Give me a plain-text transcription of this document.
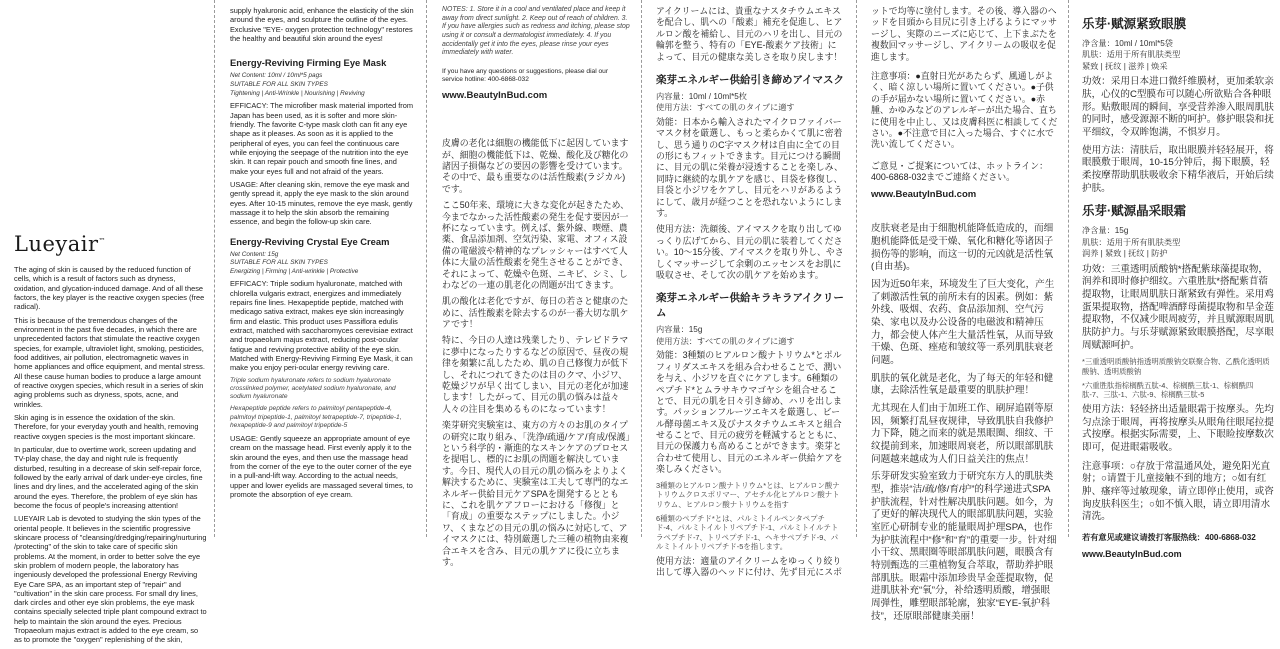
Lueyair™

The aging of skin is caused by the reduced function of cells, which is a result of factors such as dryness, oxidation, and glycation-induced damage. And of all these factors, the key player is the reactive oxygen species (free radical).

This is because of the tremendous changes of the environment in the past five decades, in which there are unprecedented factors that stimulate the reactive oxygen species, for example, ultraviolet light, smoking, pesticides, food additives, air pollution, electromagnetic waves in home appliances and office equipment, and mental stress. All these cause human bodies to produce a large amount of reactive oxygen species, which result in a series of skin aging problems such as dryness, spots, acne, and wrinkles.

Skin aging is in essence the oxidation of the skin. Therefore, for your everyday youth and health, removing reactive oxygen species is the most important skincare.

In particular, due to overtime work, screen updating and TV-play chase, the day and night rule is frequently disturbed, resulting in a decrease of skin self-repair force, followed by the early arrival of dark under-eye circles, fine lines and dry lines, and the accelerated aging of the skin around the eyes. Therefore, the problem of eye skin has become the focus of people's increasing attention!

LUEYAIR Lab is devoted to studying the skin types of the oriental people. It believes in the scientific progressive skincare process of "cleansing/dredging/repairing/nurturing /protecting" of the skin to take care of specific skin problems. At the moment, in order to better solve the eye skin problem of modern people, the laboratory has ingeniously developed the professional Energy Reviving Eye Care SPA, as an important step of "repair" and "cultivation" in the skin care process. For small dry lines, dark circles and other eye skin problems, the eye mask contains specially selected triple plant compound extract to help to maintain the skin around the eyes. Precious Tropaeolum majus extract is added to the eye cream, so as to promote the "oxygen" replenishing of the skin,

supply hyaluronic acid, enhance the elasticity of the skin around the eyes, and sculpture the outline of the eyes. Exclusive "EYE- oxygen protection technology" restores the healthy and beautiful skin around the eyes!

Energy-Reviving Firming Eye Mask
Net Content: 10ml / 10ml*5 pags
SUITABLE FOR ALL SKIN TYPES
Tightening | Anti-Wrinkle | Nourishing | Reviving

EFFICACY: The microfiber mask material imported from Japan has been used, as it is softer and more skin-friendly. The favorite C-type mask cloth can fit any eye shape as it pleases. As soon as it is applied to the peripheral of eyes, you can feel the continuous care while enjoying the seepage of the nutrition into the eye skin. It can repair pouch and smooth fine lines, and make your eyes full and not afraid of the years.

USAGE: After cleaning skin, remove the eye mask and gently spread it, apply the eye mask to the skin around eyes. After 10-15 minutes, remove the eye mask, gently massage it to help the skin absorb the remaining essence, and begin the follow-up skin care.

Energy-Reviving Crystal Eye Cream
Net Content: 15g
SUITABLE FOR ALL SKIN TYPES
Energizing | Firming | Anti-wrinkle | Protective

EFFICACY: Triple sodium hyaluronate, matched with chlorella vulgaris extract, energizes and immediately repairs fine lines. Hexapeptide peptide, matched with medicago sativa extract, makes eye skin increasingly firm and elastic. This product uses Passiflora edulis extract, matched with saccharomyces cerevisiae extract and tropaeolum majus extract, reducing post-ocular fatigue and reviving protective ability of the eye skin. Matched with Energy-Reviving Firming Eye Mask, it can make you enjoy peri-ocular energy reviving care.

Triple sodium hyaluronate refers to sodium hyaluronate crosslinked polymer, acetylated sodium hyaluronate, and sodium hyaluronate

Hexapeptide peptide refers to palmitoyl pentapeptide-4, palmitoyl tripeptide-1, palmitoyl tetrapeptide-7, tripeptide-1, hexapeptide-9 and palmitoyl tripeptide-5

USAGE: Gently squeeze an appropriate amount of eye cream on the massage head. First evenly apply it to the skin around the eyes, and then use the massage head from the corner of the eye to the outer corner of the eye in a pull-and-lift way. According to the actual needs, upper and lower eyelids are massaged several times, to promote the absorption of eye cream.

NOTES: 1. Store it in a cool and ventilated place and keep it away from direct sunlight. 2. Keep out of reach of children. 3. If you have allergies such as redness and itching, please stop using it or consult a dermatologist immediately. 4. If you accidentally get it into the eyes, please rinse your eyes immediately with water.

If you have any questions or suggestions, please dial our service hotline: 400-6868-032

www.BeautyInBud.com

皮膚の老化は細胞の機能低下に起因していますが、細胞の機能低下は、乾燥、酸化及び糖化の諸因子損傷などの要因の影響を受けています。その中で、最も重要なのは活性酸素(ラジカル)です。

ここ50年来、環境に大きな変化が起きたため、今までなかった活性酸素の発生を促す要因が一杯になっています。例えば、紫外線、喫煙、農薬、食品添加剤、空気汚染、家電、オフィス設備の電磁波や精神的なプレッシャーはすべて人体に大量の活性酸素を発生させることができ、それによって、乾燥や色斑、ニキビ、シミ、しわなどの一連の肌老化の問題が出てきます。

肌の酸化は老化ですが、毎日の若さと健康のために、活性酸素を除去するのが一番大切な肌ケアです！

特に、今日の人達は残業したり、テレビドラマに夢中になったりするなどの原因で、昼夜の規律を頻繁に乱したため、肌の自己修復力が低下し、それにつれてきたのは目のクマ、小ジワ、乾燥ジワが早く出てしまい、目元の老化が加速します！したがって、目元の肌の悩みは益々人々の注目を集めるものになっています！

楽芽研究実験室は、東方の方々のお肌のタイプの研究に取り組み、「洗浄/疏通/ケア/育成/保護」という科学的・漸進的なスキンケアのプロセスを提唱し、標的にお肌の問題を解決しています。今日、現代人の目元の肌の悩みをよりよく解決するために、実験室は工夫して専門的なエネルギー供給目元ケアSPAを開発するとともに、これを肌ケアフローにおける「修復」と「育成」の重要なステップにしました。小ジワ、くまなどの目元の肌の悩みに対応して、アイマスクには、特別厳選した三種の植物由来複合エキスを含み、目元の肌ケアに役に立ちます。

アイクリームには、貴重なナスタチウムエキスを配合し、肌への「酸素」補充を促進し、ヒアルロン酸を補給し、目元のハリを出し、目元の輪郭を整う、特有の「EYE-酸素ケア技術」によって、目元の健康な美しさを取り戻します！

楽芽エネルギー供給引き締めアイマスク
内容量：10ml / 10ml*5枚
使用方法：すべての肌のタイプに適す

効能：日本から輸入されたマイクロファイバーマスク材を厳選し、もっと柔らかくて肌に密着し、思う通りのC字マスク材は自由に全ての目の形にもフィットできます。目元につける瞬間に、目元の肌に栄養が浸透することを楽しみ、同時に継続的な肌ケアを感じ、目袋を修復し、目袋と小ジワをケアし、目元をハリがあるようにして、歳月が経つことを恐れないようにします。

使用方法：洗顔後、アイマスクを取り出してゆっくり広げてから、目元の肌に装着してください。10〜15分後、アイマスクを取り外し、やさしくマッサージして余剰のエッセンスをお肌に吸収させ、そして次の肌ケアを始めます。

楽芽エネルギー供給キラキラアイクリーム
内容量：15g
使用方法：すべての肌のタイプに適す

効能：3種類のヒアルロン酸ナトリウム*とポルフィリダスエキスを組み合わせることで、潤いを与え、小ジワを直ぐにケアします。6種類のペプチド*とムラサキウマゴヤシを組合せることで、目元の肌を日々引き締め、ハリを出します。パッションフルーツエキスを厳選し、ビール酵母菌エキス及びナスタチウムエキスと組合せることで、目元の疲労を軽減するとともに、目元の保護力も高めることができます。楽芽と合わせて使用し、目元のエネルギー供給ケアを楽しみください。

3種類のヒアルロン酸ナトリウム*とは、ヒアルロン酸ナトリウムクロスポリマー、アセチル化ヒアルロン酸ナトリウム、ヒアルロン酸ナトリウムを指す

6種類のペプチド*とは、パルミトイルペンタペプチド-4、パルミトイルトリペプチド-1、パルミトイルテトラペプチド-7、トリペプチド-1、ヘキサペプチド-9、パルミトイルトリペプチド-5を指します。

使用方法：適量のアイクリームをゆっくり絞り出して導入器のヘッドに付け、先ず目元にスポ

ットで均等に塗付します。その後、導入器のヘッドを目頭から目尻に引き上げるようにマッサージし、実際のニーズに応じて、上下まぶたを複数回マッサージし、アイクリームの吸収を促進します。

注意事項：●直射日光があたらず、風通しがよく、暗く涼しい場所に置いてください。●子供の手が届かない場所に置いてください。●赤腫、かゆみなどのアレルギーが出た場合、直ちに使用を中止し、又は皮膚科医に相談してください。●不注意で目に入った場合、すぐに水で洗い流してください。

ご意見・ご提案については、ホットライン：400-6868-032までご連絡ください。

www.BeautyInBud.com

皮肤衰老是由于细胞机能降低造成的，而细胞机能降低是受干燥、氧化和糖化等诸因子损伤等的影响，而这一切的元凶就是活性氧(自由基)。

因为近50年来，环境发生了巨大变化，产生了刺激活性氧的前所未有的因素。例如：紫外线、吸烟、农药、食品添加剂、空气污染、家电以及办公设备的电磁波和精神压力，都会使人体产生大量活性氧，从而导致干燥、色斑、痤疮和皱纹等一系列肌肤衰老问题。

肌肤的氧化就是老化，为了每天的年轻和健康，去除活性氧是最重要的肌肤护理！

尤其现在人们由于加班工作、刷屏追剧等原因，频繁打乱昼夜规律，导致肌肤自我修护力下降，随之而来的就是黑眼圈、细纹、干纹提前到来，加速眼周衰老，所以眼部肌肤问题越来越成为人们日益关注的焦点！

乐芽研发实验室致力于研究东方人的肌肤类型，推崇“洁/疏/修/育/护”的科学递进式SPA护肤流程，针对性解决肌肤问题。如今，为了更好的解决现代人的眼部肌肤问题，实验室匠心研制专业的能量眼周护理SPA，也作为护肤流程中“修”和“育”的重要一步。针对细小干纹、黑眼圈等眼部肌肤问题，眼膜含有特别甄选的三重植物复合萃取，帮助养护眼部肌肤。眼霜中添加珍贵旱金莲提取物，促进肌肤补充“氧”分，补给透明质酸，增强眼周弹性，雕塑眼部轮廓，独家“EYE-氧护科技”，还原眼部健康美丽！

乐芽·赋源紧致眼膜
净含量：10ml / 10ml*5袋
肌肤：适用于所有肌肤类型
紧致 | 抚纹 | 滋养 | 焕采

功效：采用日本进口微纤维膜材，更加柔软亲肤，心仪的C型膜布可以随心所欲贴合各种眼形。贴敷眼周的瞬间，享受营养渗入眼周肌肤的同时，感受源源不断的呵护。修护眼袋和抚平细纹，令双眸饱满，不惧岁月。

使用方法：清肤后，取出眼膜并轻轻展开，将眼膜敷于眼周，10-15分钟后，揭下眼膜，轻柔按摩帮助肌肤吸收余下精华液后，开始后续护肤。

乐芽·赋源晶采眼霜
净含量：15g
肌肤：适用于所有肌肤类型
润养 | 紧致 | 抚纹 | 防护

功效：三重透明质酸钠*搭配紫球藻提取物，润养和即时修护细纹。六重胜肽*搭配紫苜蓿提取物，让眼周肌肤日渐紧致有弹性。采用鸡蛋果提取物，搭配啤酒酵母菌提取物和旱金莲提取物，不仅减少眼周疲劳，并且赋源眼周肌肤防护力。与乐芽赋源紧致眼膜搭配，尽享眼周赋源呵护。

*三重透明质酸钠指透明质酸钠交联聚合物、乙酰化透明质酸钠、透明质酸钠

*六重胜肽指棕榈酰五肽-4、棕榈酰三肽-1、棕榈酰四肽-7、三肽-1、六肽-9、棕榈酰三肽-5

使用方法：轻轻挤出适量眼霜于按摩头。先均匀点涂于眼周，再将按摩头从眼角往眼尾拉提式按摩。根据实际需要，上、下眼睑按摩数次即可，促进眼霜吸收。

注意事项：○存放于常温通风处，避免阳光直射；○请置于儿童接触不到的地方；○如有红肿、瘙痒等过敏现象，请立即停止使用，或咨询皮肤科医生；○如不慎入眼，请立即用清水清洗。

若有意见或建议请拨打客服热线：400-6868-032

www.BeautyInBud.com
